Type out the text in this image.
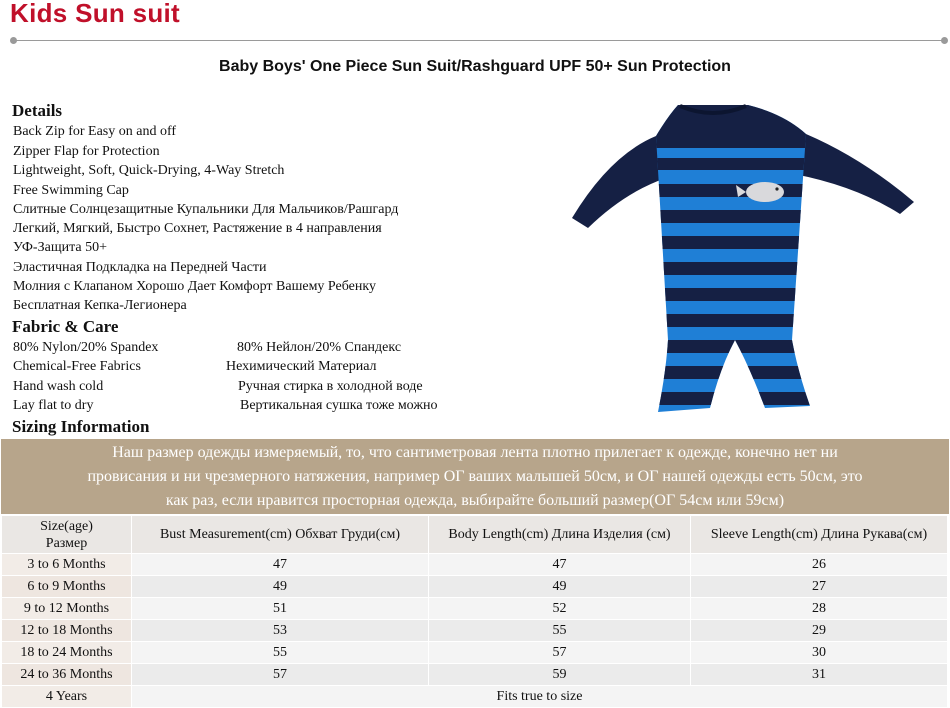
Kids Sun suit
Baby Boys' One Piece Sun Suit/Rashguard UPF 50+ Sun Protection
Details
Back Zip for Easy on and off
Zipper Flap for Protection
Lightweight, Soft, Quick-Drying, 4-Way Stretch
Free Swimming Cap
Слитные Солнцезащитные Купальники Для Мальчиков/Рашгард
Легкий, Мягкий, Быстро Сохнет, Растяжение в 4 направления
УФ-Защита 50+
Эластичная Подкладка на Передней Части
Молния с Клапаном Хорошо Дает Комфорт Вашему Ребенку
Бесплатная Кепка-Легионера
Fabric & Care
80% Nylon/20% Spandex	80% Нейлон/20% Спандекс
Chemical-Free Fabrics	Нехимический Материал
Hand wash cold	Ручная стирка в холодной воде
Lay flat to dry	Вертикальная сушка тоже можно
Sizing Information
Наш размер одежды измеряемый, то, что сантиметровая лента плотно прилегает к одежде, конечно нет ни
провисания и ни чрезмерного натяжения, например ОГ ваших малышей 50см, и ОГ нашей одежды есть 50см, это
как раз, если нравится просторная одежда, выбирайте больший размер(ОГ 54см или 59см)
Size(age)
Размер	Bust Measurement(cm) Обхват Груди(см)	Body Length(cm) Длина Изделия (см)	Sleeve Length(cm) Длина Рукава(см)
3 to 6 Months	47	47	26
6 to 9 Months	49	49	27
9 to 12 Months	51	52	28
12 to 18 Months	53	55	29
18 to 24 Months	55	57	30
24 to 36 Months	57	59	31
4 Years	Fits true to size		
